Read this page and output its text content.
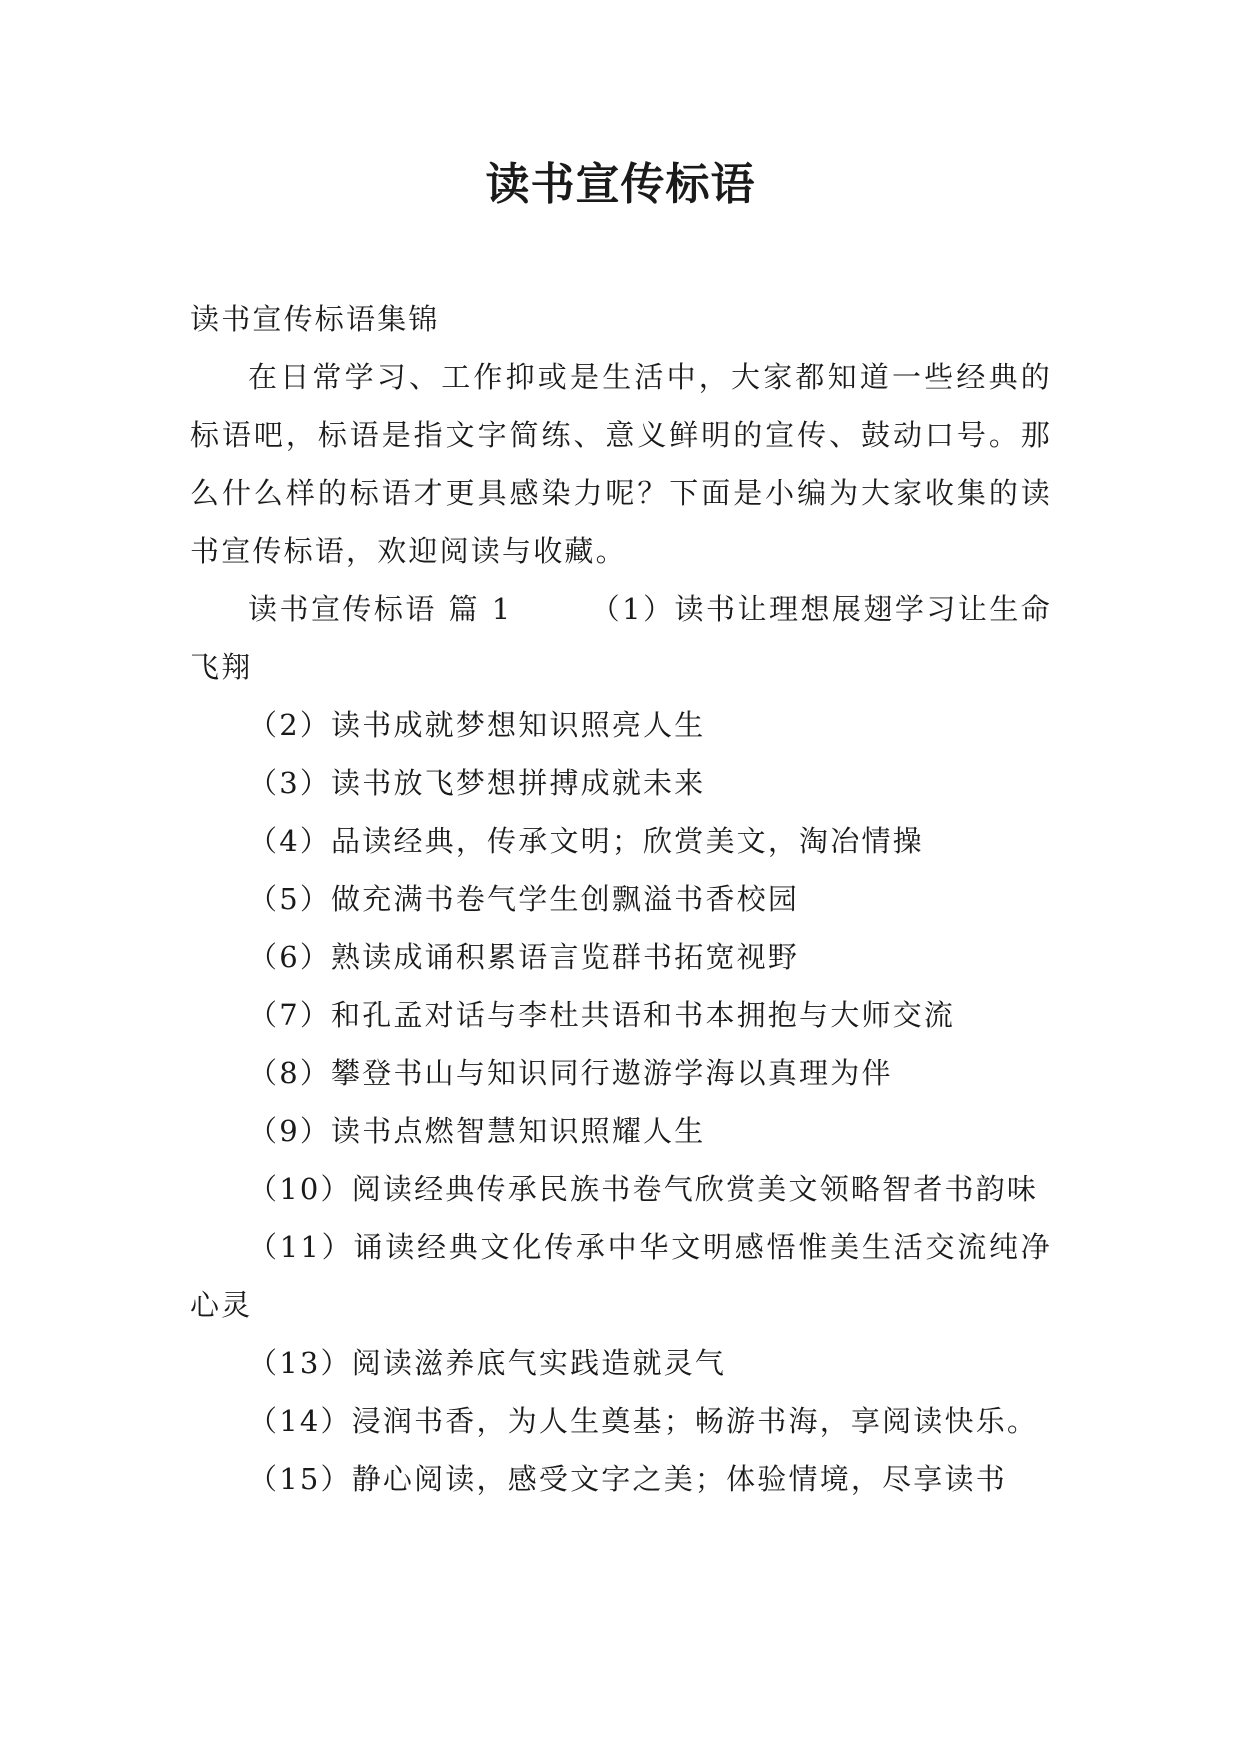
读书宣传标语

读书宣传标语集锦

在日常学习、工作抑或是生活中，大家都知道一些经典的标语吧，标语是指文字简练、意义鲜明的宣传、鼓动口号。那么什么样的标语才更具感染力呢？下面是小编为大家收集的读书宣传标语，欢迎阅读与收藏。

读书宣传标语 篇 1	（1）读书让理想展翅学习让生命飞翔

（2）读书成就梦想知识照亮人生

（3）读书放飞梦想拼搏成就未来

（4）品读经典，传承文明；欣赏美文，淘冶情操

（5）做充满书卷气学生创飘溢书香校园

（6）熟读成诵积累语言览群书拓宽视野

（7）和孔孟对话与李杜共语和书本拥抱与大师交流

（8）攀登书山与知识同行遨游学海以真理为伴

（9）读书点燃智慧知识照耀人生

（10）阅读经典传承民族书卷气欣赏美文领略智者书韵味

（11）诵读经典文化传承中华文明感悟惟美生活交流纯净心灵

（13）阅读滋养底气实践造就灵气

（14）浸润书香，为人生奠基；畅游书海，享阅读快乐。

（15）静心阅读，感受文字之美；体验情境，尽享读书
